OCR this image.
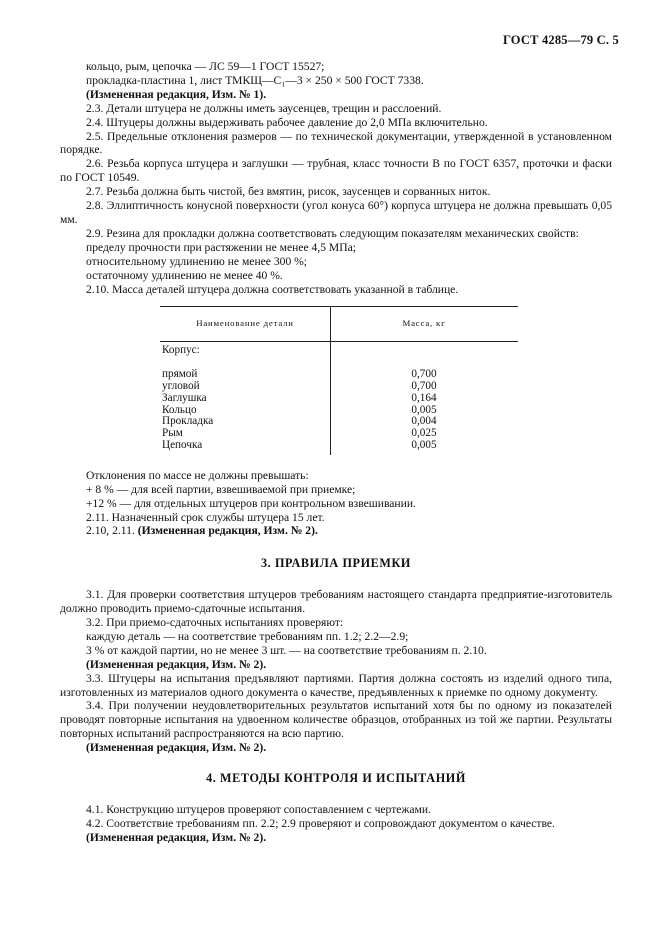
ГОСТ 4285—79 С. 5

кольцо, рым, цепочка — ЛС 59—1 ГОСТ 15527;

прокладка-пластина 1, лист ТМКЩ—С₁—3 × 250 × 500 ГОСТ 7338.

(Измененная редакция, Изм. № 1).

2.3. Детали штуцера не должны иметь заусенцев, трещин и расслоений.

2.4. Штуцеры должны выдерживать рабочее давление до 2,0 МПа включительно.

2.5. Предельные отклонения размеров — по технической документации, утвержденной в установленном порядке.

2.6. Резьба корпуса штуцера и заглушки — трубная, класс точности В по ГОСТ 6357, проточки и фаски по ГОСТ 10549.

2.7. Резьба должна быть чистой, без вмятин, рисок, заусенцев и сорванных ниток.

2.8. Эллиптичность конусной поверхности (угол конуса 60°) корпуса штуцера не должна превышать 0,05 мм.

2.9. Резина для прокладки должна соответствовать следующим показателям механических свойств:

пределу прочности при растяжении не менее 4,5 МПа;

относительному удлинению не менее 300 %;

остаточному удлинению не менее 40 %.

2.10. Масса деталей штуцера должна соответствовать указанной в таблице.

Наименование детали	Масса, кг
Корпус:
прямой	0,700
угловой	0,700
Заглушка	0,164
Кольцо	0,005
Прокладка	0,004
Рым	0,025
Цепочка	0,005

Отклонения по массе не должны превышать:

+ 8 % — для всей партии, взвешиваемой при приемке;

+12 % — для отдельных штуцеров при контрольном взвешивании.

2.11. Назначенный срок службы штуцера 15 лет.

2.10, 2.11. (Измененная редакция, Изм. № 2).

3. ПРАВИЛА ПРИЕМКИ

3.1. Для проверки соответствия штуцеров требованиям настоящего стандарта предприятие-изготовитель должно проводить приемо-сдаточные испытания.

3.2. При приемо-сдаточных испытаниях проверяют:

каждую деталь — на соответствие требованиям пп. 1.2; 2.2—2.9;

3 % от каждой партии, но не менее 3 шт. — на соответствие требованиям п. 2.10.

(Измененная редакция, Изм. № 2).

3.3. Штуцеры на испытания предъявляют партиями. Партия должна состоять из изделий одного типа, изготовленных из материалов одного документа о качестве, предъявленных к приемке по одному документу.

3.4. При получении неудовлетворительных результатов испытаний хотя бы по одному из показателей проводят повторные испытания на удвоенном количестве образцов, отобранных из той же партии. Результаты повторных испытаний распространяются на всю партию.

(Измененная редакция, Изм. № 2).

4. МЕТОДЫ КОНТРОЛЯ И ИСПЫТАНИЙ

4.1. Конструкцию штуцеров проверяют сопоставлением с чертежами.

4.2. Соответствие требованиям пп. 2.2; 2.9 проверяют и сопровождают документом о качестве.

(Измененная редакция, Изм. № 2).
